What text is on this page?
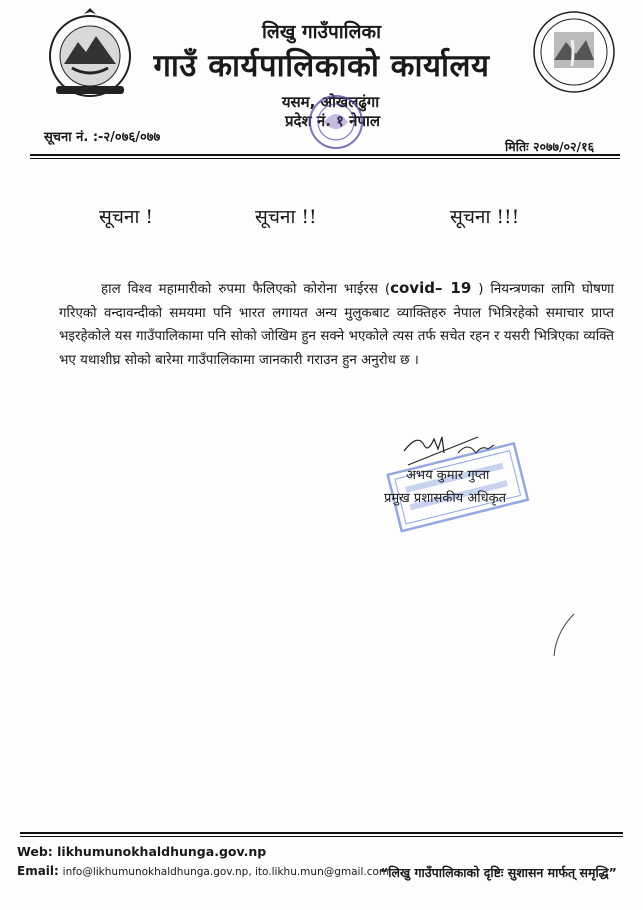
लिखु गाउँपालिका
गाउँ कार्यपालिकाको कार्यालय
यसम, ओखलढुंगा
प्रदेश नं. १ नेपाल
सूचना नं. :-२/०७६/०७७
मितिः २०७७/०२/१६
सूचना !	सूचना !!	सूचना !!!
हाल विश्व महामारीको रुपमा फैलिएको कोरोना भाईरस (covid– 19 ) नियन्त्रणका लागि घोषणा गरिएको वन्दावन्दीको समयमा पनि भारत लगायत अन्य मुलुकबाट व्याक्तिहरु नेपाल भित्रिरहेको समाचार प्राप्त भइरहेकोले यस गाउँपालिकामा पनि सोको जोखिम हुन सक्ने भएकोले त्यस तर्फ सचेत रहन र यसरी भित्रिएका व्यक्ति भए यथाशीघ्र सोको बारेमा गाउँपालिकामा जानकारी गराउन हुन अनुरोध छ ।
अभय कुमार गुप्ता
प्रमुख प्रशासकीय अधिकृत
Web: likhumunokhaldhunga.gov.np
Email: info@likhumunokhaldhunga.gov.np, ito.likhu.mun@gmail.com
“लिखु गाउँपालिकाको दृष्टिः सुशासन मार्फत् समृद्धि”
